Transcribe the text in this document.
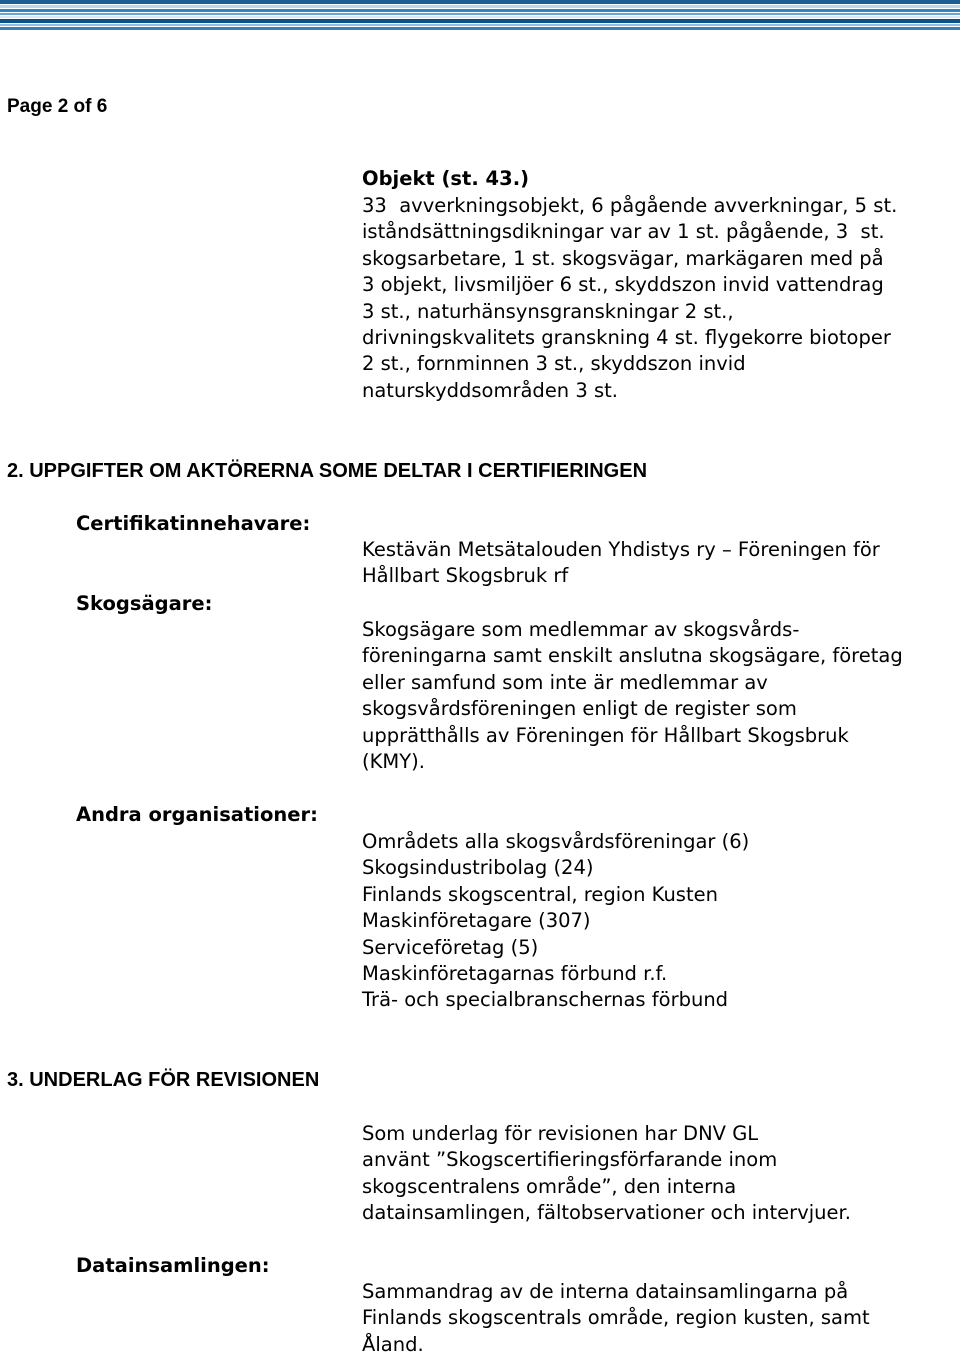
Page 2 of 6
Objekt (st. 43.)
33  avverkningsobjekt, 6 pågående avverkningar, 5 st.
iståndsättningsdikningar var av 1 st. pågående, 3  st.
skogsarbetare, 1 st. skogsvägar, markägaren med på
3 objekt, livsmiljöer 6 st., skyddszon invid vattendrag
3 st., naturhänsynsgranskningar 2 st.,
drivningskvalitets granskning 4 st. flygekorre biotoper
2 st., fornminnen 3 st., skyddszon invid
naturskyddsområden 3 st.
2. UPPGIFTER OM AKTÖRERNA SOME DELTAR I CERTIFIERINGEN
Certifikatinnehavare:
Kestävän Metsätalouden Yhdistys ry – Föreningen för
Hållbart Skogsbruk rf
Skogsägare:
Skogsägare som medlemmar av skogsvårds-
föreningarna samt enskilt anslutna skogsägare, företag
eller samfund som inte är medlemmar av
skogsvårdsföreningen enligt de register som
upprätthålls av Föreningen för Hållbart Skogsbruk
(KMY).
Andra organisationer:
Områdets alla skogsvårdsföreningar (6)
Skogsindustribolag (24)
Finlands skogscentral, region Kusten
Maskinföretagare (307)
Serviceföretag (5)
Maskinföretagarnas förbund r.f.
Trä- och specialbranschernas förbund
3. UNDERLAG FÖR REVISIONEN
Som underlag för revisionen har DNV GL
använt ”Skogscertifieringsförfarande inom
skogscentralens område”, den interna
datainsamlingen, fältobservationer och intervjuer.
Datainsamlingen:
Sammandrag av de interna datainsamlingarna på
Finlands skogscentrals område, region kusten, samt
Åland.
